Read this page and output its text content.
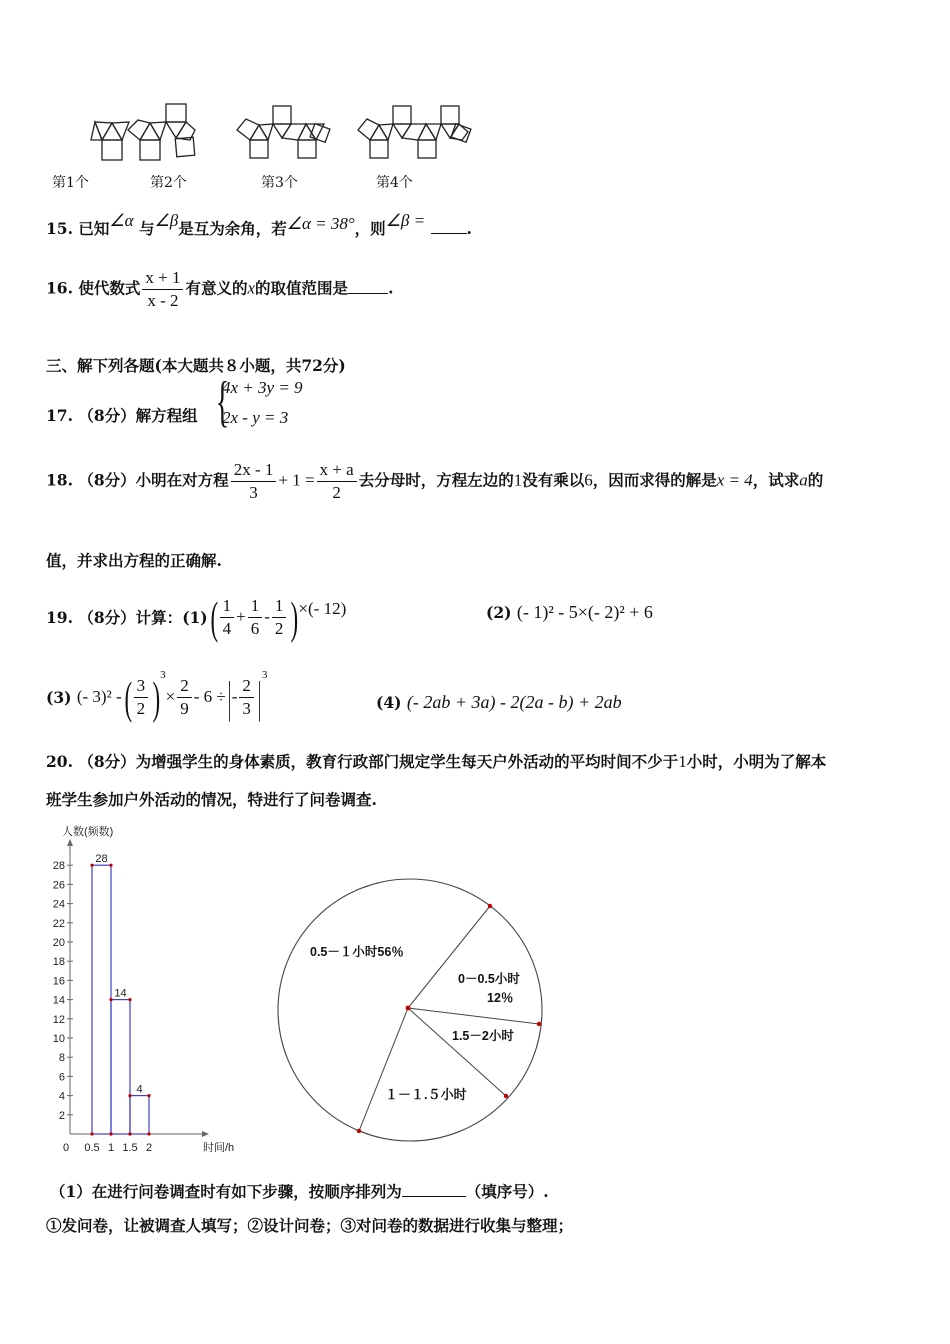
第1个	第2个	第3个	第4个
15. 已知∠α 与∠β是互为余角，若∠α = 38°，则∠β =	.
16. 使代数式 $\frac{x + 1}{x - 2}$ 有意义的x的取值范围是	.
三、解下列各题(本大题共８小题，共72分)
17. （8分）解方程组 {
4x + 3y = 9
2x - y = 3
18. （8分）小明在对方程 $\frac{2x - 1}{3} + 1 = \frac{x + a}{2}$ 去分母时，方程左边的1没有乘以6，因而求得的解是x = 4，试求a的
值，并求出方程的正确解.
19.
（8分） 计算： (1) ( $\frac{1}{4} + \frac{1}{6} - \frac{1}{2}$ ) ×(- 12)	(2) (- 1)² - 5×(- 2)² + 6
(3)
(- 3)² - ( $\frac{3}{2}$ ) 3
× $\frac{2}{9} - 6$ ÷ | - $\frac{2}{3}$ | 3
(4) (- 2ab + 3a) - 2(2a - b) + 2ab
20. （8分）为增强学生的身体素质，教育行政部门规定学生每天户外活动的平均时间不少于1小时，小明为了解本
班学生参加户外活动的情况，特进行了问卷调查.
人数(频数)
时间/h
2
4
6
8
10
12
14
16
18
20
22
24
26
28
0 0.5 1 1.5 2
28
14
4
0.5－１小时56％
0－0.5小时
12％
1.5－2小时
１－１.５小时
（1）在进行问卷调查时有如下步骤，按顺序排列为	（填序号）.
①发问卷，让被调查人填写；②设计问卷；③对问卷的数据进行收集与整理；
